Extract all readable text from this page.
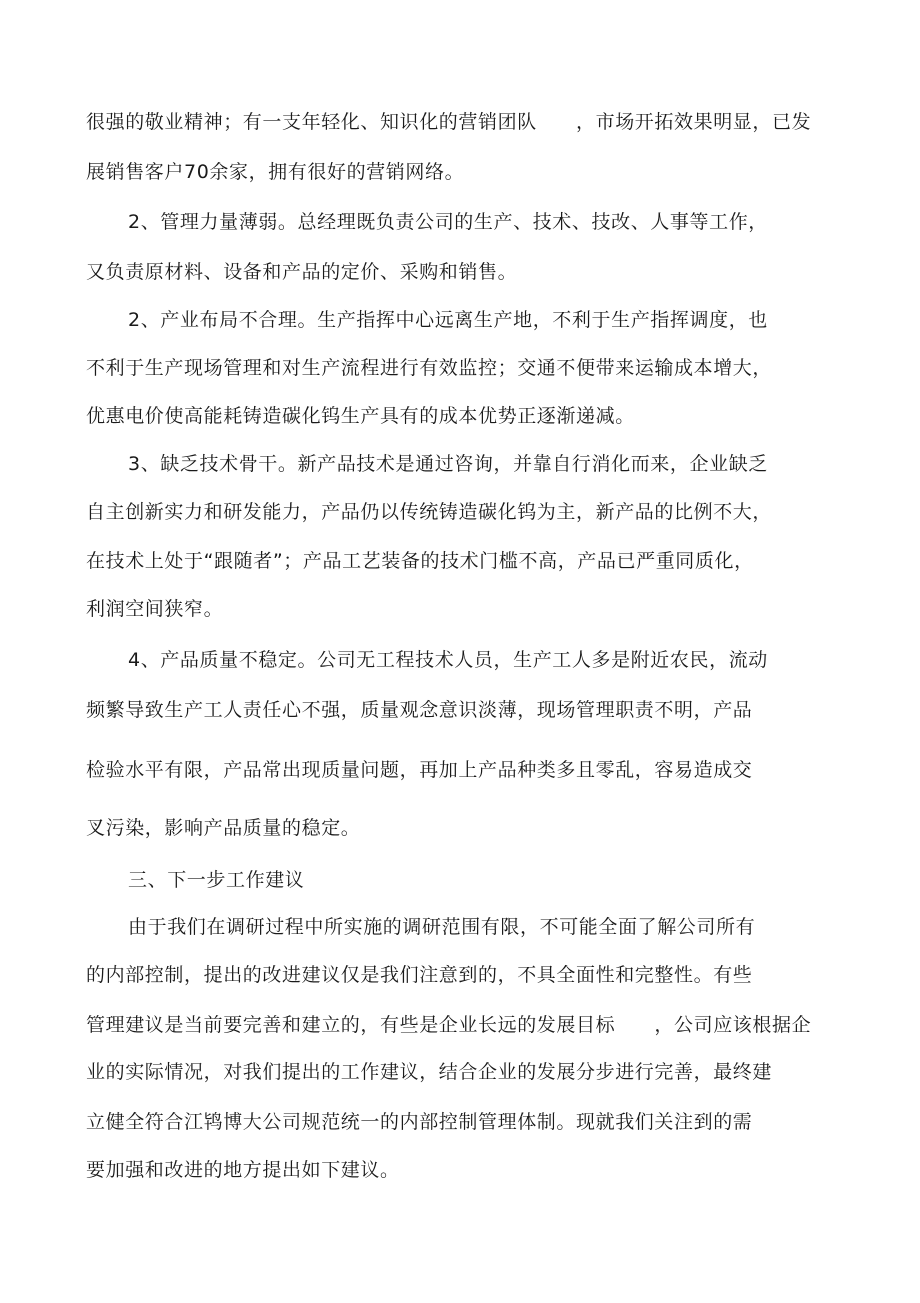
很强的敬业精神；有一支年轻化、知识化的营销团队　　，市场开拓效果明显，已发
展销售客户70余家，拥有很好的营销网络。
2、管理力量薄弱。总经理既负责公司的生产、技术、技改、人事等工作，
又负责原材料、设备和产品的定价、采购和销售。
2、产业布局不合理。生产指挥中心远离生产地，不利于生产指挥调度，也
不利于生产现场管理和对生产流程进行有效监控；交通不便带来运输成本增大，
优惠电价使高能耗铸造碳化钨生产具有的成本优势正逐渐递减。
3、缺乏技术骨干。新产品技术是通过咨询，并靠自行消化而来，企业缺乏
自主创新实力和研发能力，产品仍以传统铸造碳化钨为主，新产品的比例不大，
在技术上处于“跟随者”；产品工艺装备的技术门槛不高，产品已严重同质化，
利润空间狭窄。
4、产品质量不稳定。公司无工程技术人员，生产工人多是附近农民，流动
频繁导致生产工人责任心不强，质量观念意识淡薄，现场管理职责不明，产品
检验水平有限，产品常出现质量问题，再加上产品种类多且零乱，容易造成交
叉污染，影响产品质量的稳定。
三、下一步工作建议
由于我们在调研过程中所实施的调研范围有限，不可能全面了解公司所有
的内部控制，提出的改进建议仅是我们注意到的，不具全面性和完整性。有些
管理建议是当前要完善和建立的，有些是企业长远的发展目标　　，公司应该根据企
业的实际情况，对我们提出的工作建议，结合企业的发展分步进行完善，最终建
立健全符合江鸨博大公司规范统一的内部控制管理体制。现就我们关注到的需
要加强和改进的地方提出如下建议。
